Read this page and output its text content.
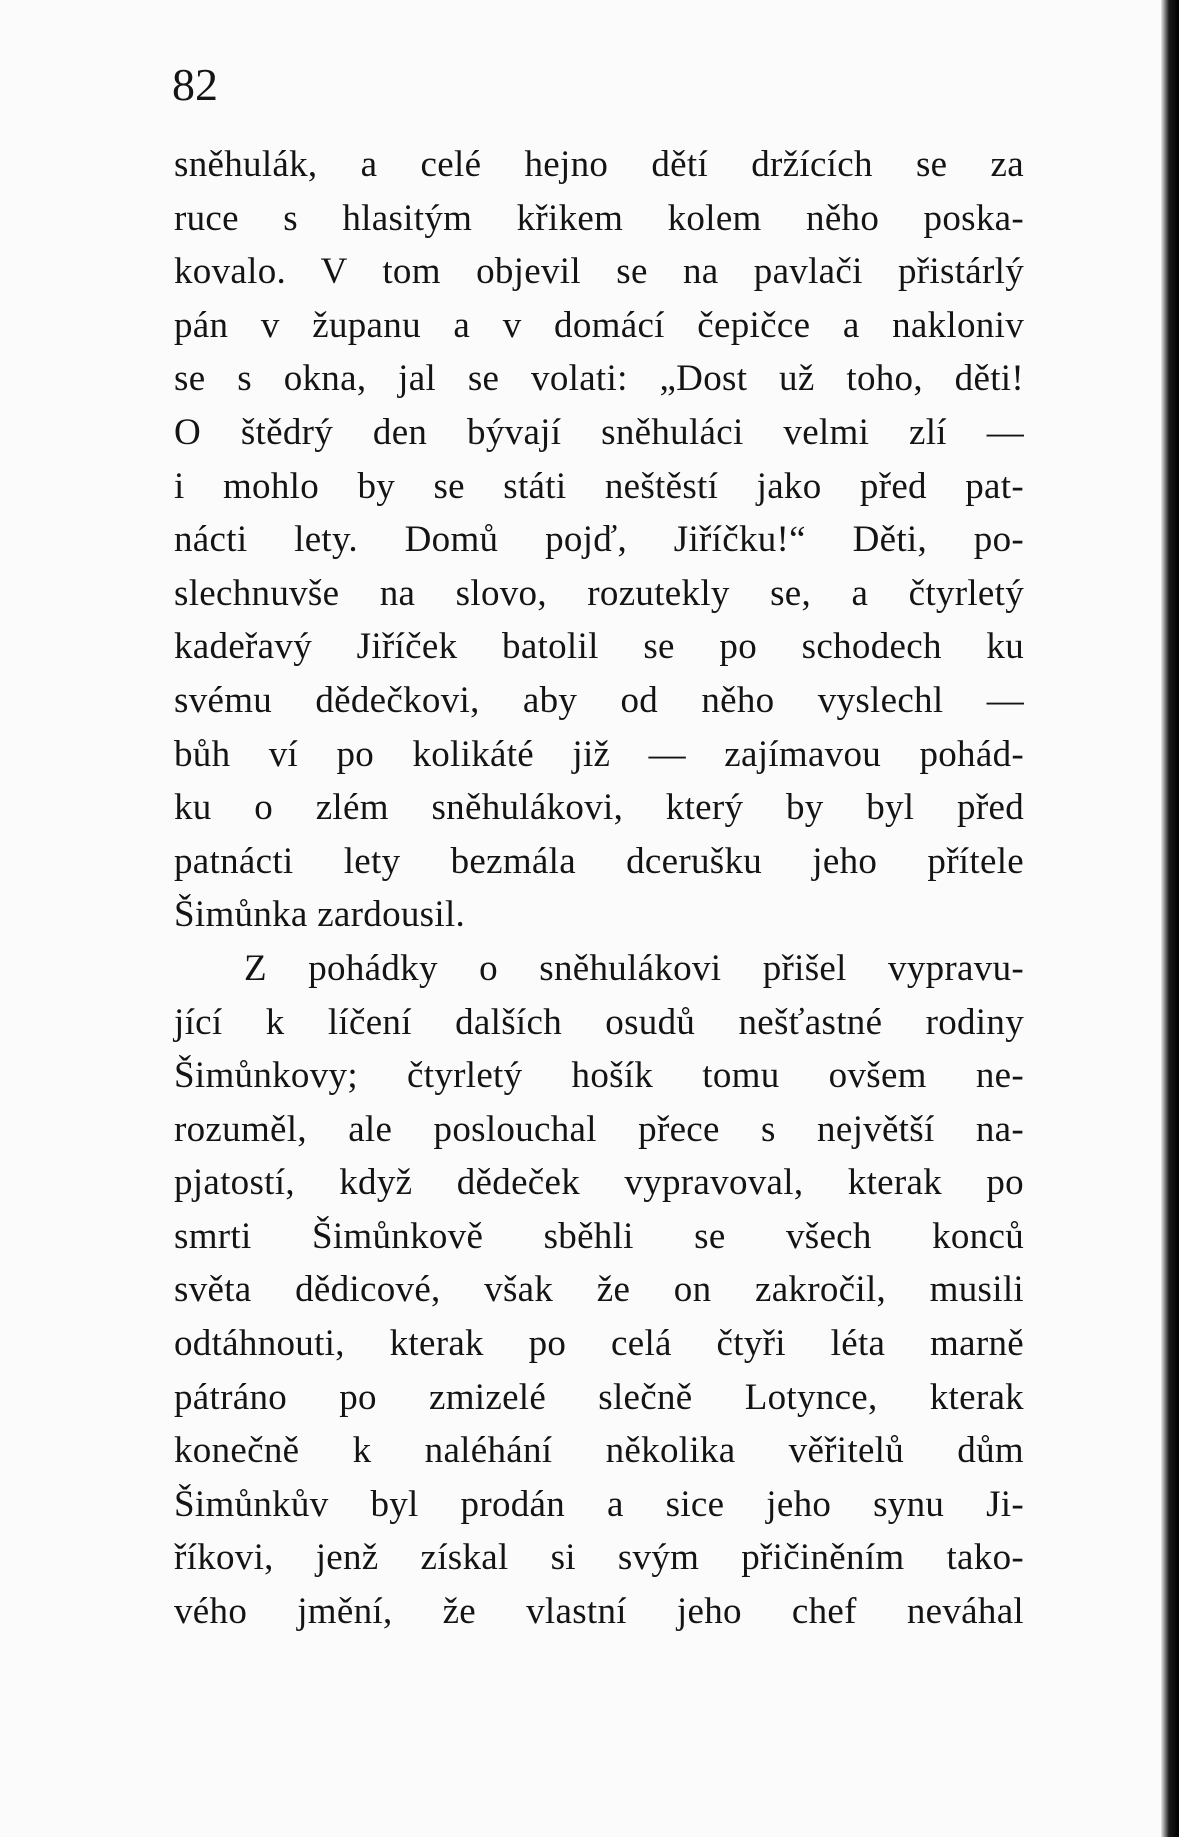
82

sněhulák, a celé hejno dětí držících se za
ruce s hlasitým křikem kolem něho poska-
kovalo. V tom objevil se na pavlači přistárlý
pán v županu a v domácí čepičce a nakloniv
se s okna, jal se volati: „Dost už toho, děti!
O štědrý den bývají sněhuláci velmi zlí —
i mohlo by se státi neštěstí jako před pat-
nácti lety. Domů pojď, Jiříčku!“ Děti, po-
slechnuvše na slovo, rozutekly se, a čtyrletý
kadeřavý Jiříček batolil se po schodech ku
svému dědečkovi, aby od něho vyslechl —
bůh ví po kolikáté již — zajímavou pohád-
ku o zlém sněhulákovi, který by byl před
patnácti lety bezmála dcerušku jeho přítele
Šimůnka zardousil.

Z pohádky o sněhulákovi přišel vypravu-
jící k líčení dalších osudů nešťastné rodiny
Šimůnkovy; čtyrletý hošík tomu ovšem ne-
rozuměl, ale poslouchal přece s největší na-
pjatostí, když dědeček vypravoval, kterak po
smrti Šimůnkově sběhli se všech konců
světa dědicové, však že on zakročil, musili
odtáhnouti, kterak po celá čtyři léta marně
pátráno po zmizelé slečně Lotynce, kterak
konečně k naléhání několika věřitelů dům
Šimůnkův byl prodán a sice jeho synu Ji-
říkovi, jenž získal si svým přičiněním tako-
vého jmění, že vlastní jeho chef neváhal
